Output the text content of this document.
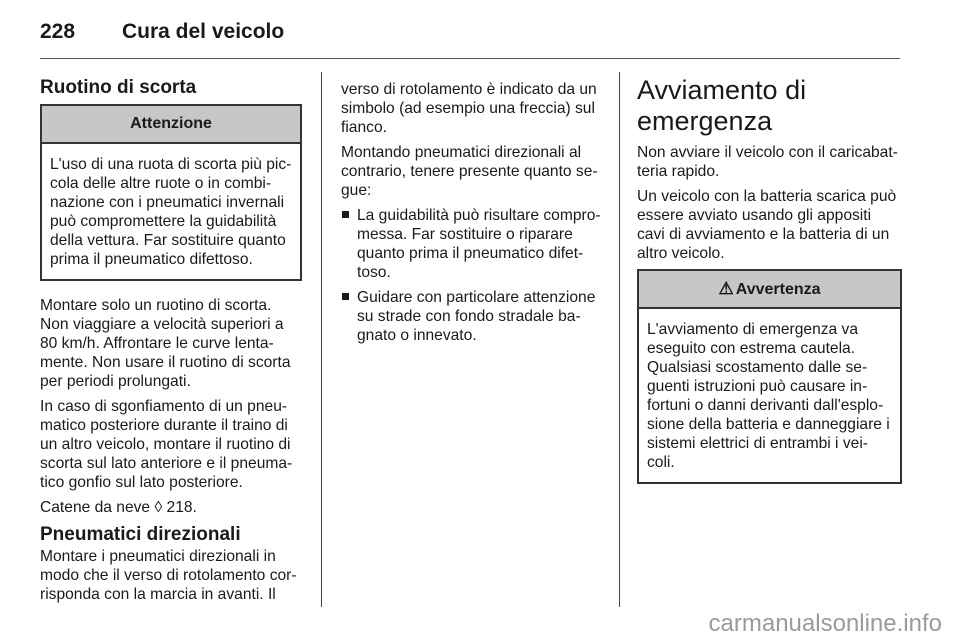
228	Cura del veicolo
Ruotino di scorta
Attenzione
L'uso di una ruota di scorta più pic-cola delle altre ruote o in combi-nazione con i pneumatici invernali può compromettere la guidabilità della vettura. Far sostituire quanto prima il pneumatico difettoso.

Montare solo un ruotino di scorta. Non viaggiare a velocità superiori a 80 km/h. Affrontare le curve lenta-mente. Non usare il ruotino di scorta per periodi prolungati.

In caso di sgonfiamento di un pneu-matico posteriore durante il traino di un altro veicolo, montare il ruotino di scorta sul lato anteriore e il pneuma-tico gonfio sul lato posteriore.

Catene da neve ◊ 218.

Pneumatici direzionali

Montare i pneumatici direzionali in modo che il verso di rotolamento cor-risponda con la marcia in avanti. Il

verso di rotolamento è indicato da un simbolo (ad esempio una freccia) sul fianco.

Montando pneumatici direzionali al contrario, tenere presente quanto se-gue:

La guidabilità può risultare compro-messa. Far sostituire o riparare quanto prima il pneumatico difet-toso.
Guidare con particolare attenzione su strade con fondo stradale ba-gnato o innevato.
Avviamento di emergenza

Non avviare il veicolo con il caricabat-teria rapido.

Un veicolo con la batteria scarica può essere avviato usando gli appositi cavi di avviamento e la batteria di un altro veicolo.

⚠ Avvertenza
L'avviamento di emergenza va eseguito con estrema cautela. Qualsiasi scostamento dalle se-guenti istruzioni può causare in-fortuni o danni derivanti dall'esplo-sione della batteria e danneggiare i sistemi elettrici di entrambi i vei-coli.
carmanualsonline.info
